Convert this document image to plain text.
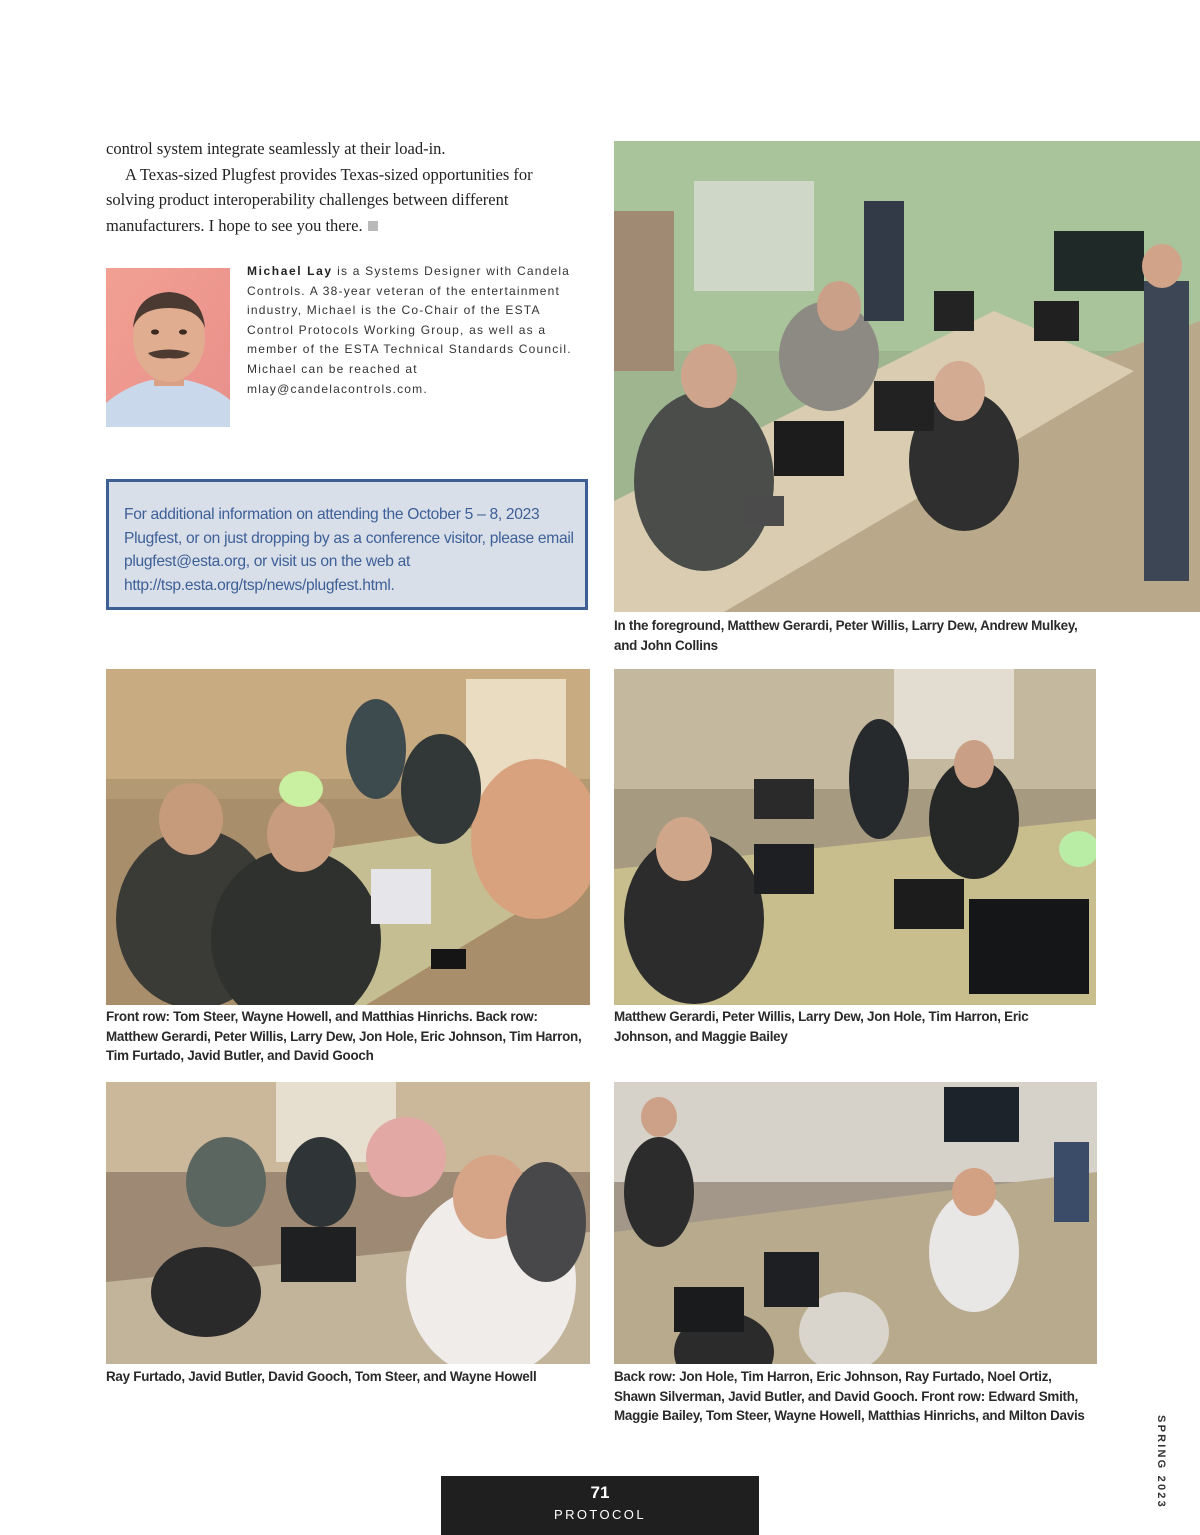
control system integrate seamlessly at their load-in.

A Texas-sized Plugfest provides Texas-sized opportunities for solving product interoperability challenges between different manufacturers. I hope to see you there.

Michael Lay is a Systems Designer with Candela Controls. A 38-year veteran of the entertainment industry, Michael is the Co-Chair of the ESTA Control Protocols Working Group, as well as a member of the ESTA Technical Standards Council. Michael can be reached at mlay@candelacontrols.com.

For additional information on attending the October 5 – 8, 2023 Plugfest, or on just dropping by as a conference visitor, please email plugfest@esta.org, or visit us on the web at http://tsp.esta.org/tsp/news/plugfest.html.

In the foreground, Matthew Gerardi, Peter Willis, Larry Dew, Andrew Mulkey, and John Collins

Front row: Tom Steer, Wayne Howell, and Matthias Hinrichs. Back row: Matthew Gerardi, Peter Willis, Larry Dew, Jon Hole, Eric Johnson, Tim Harron, Tim Furtado, Javid Butler, and David Gooch

Matthew Gerardi, Peter Willis, Larry Dew, Jon Hole, Tim Harron, Eric Johnson, and Maggie Bailey

Ray Furtado, Javid Butler, David Gooch, Tom Steer, and Wayne Howell	Back row: Jon Hole, Tim Harron, Eric Johnson, Ray Furtado, Noel Ortiz, Shawn Silverman, Javid Butler, and David Gooch. Front row: Edward Smith, Maggie Bailey, Tom Steer, Wayne Howell, Matthias Hinrichs, and Milton Davis

71
PROTOCOL
SPRING 2023
